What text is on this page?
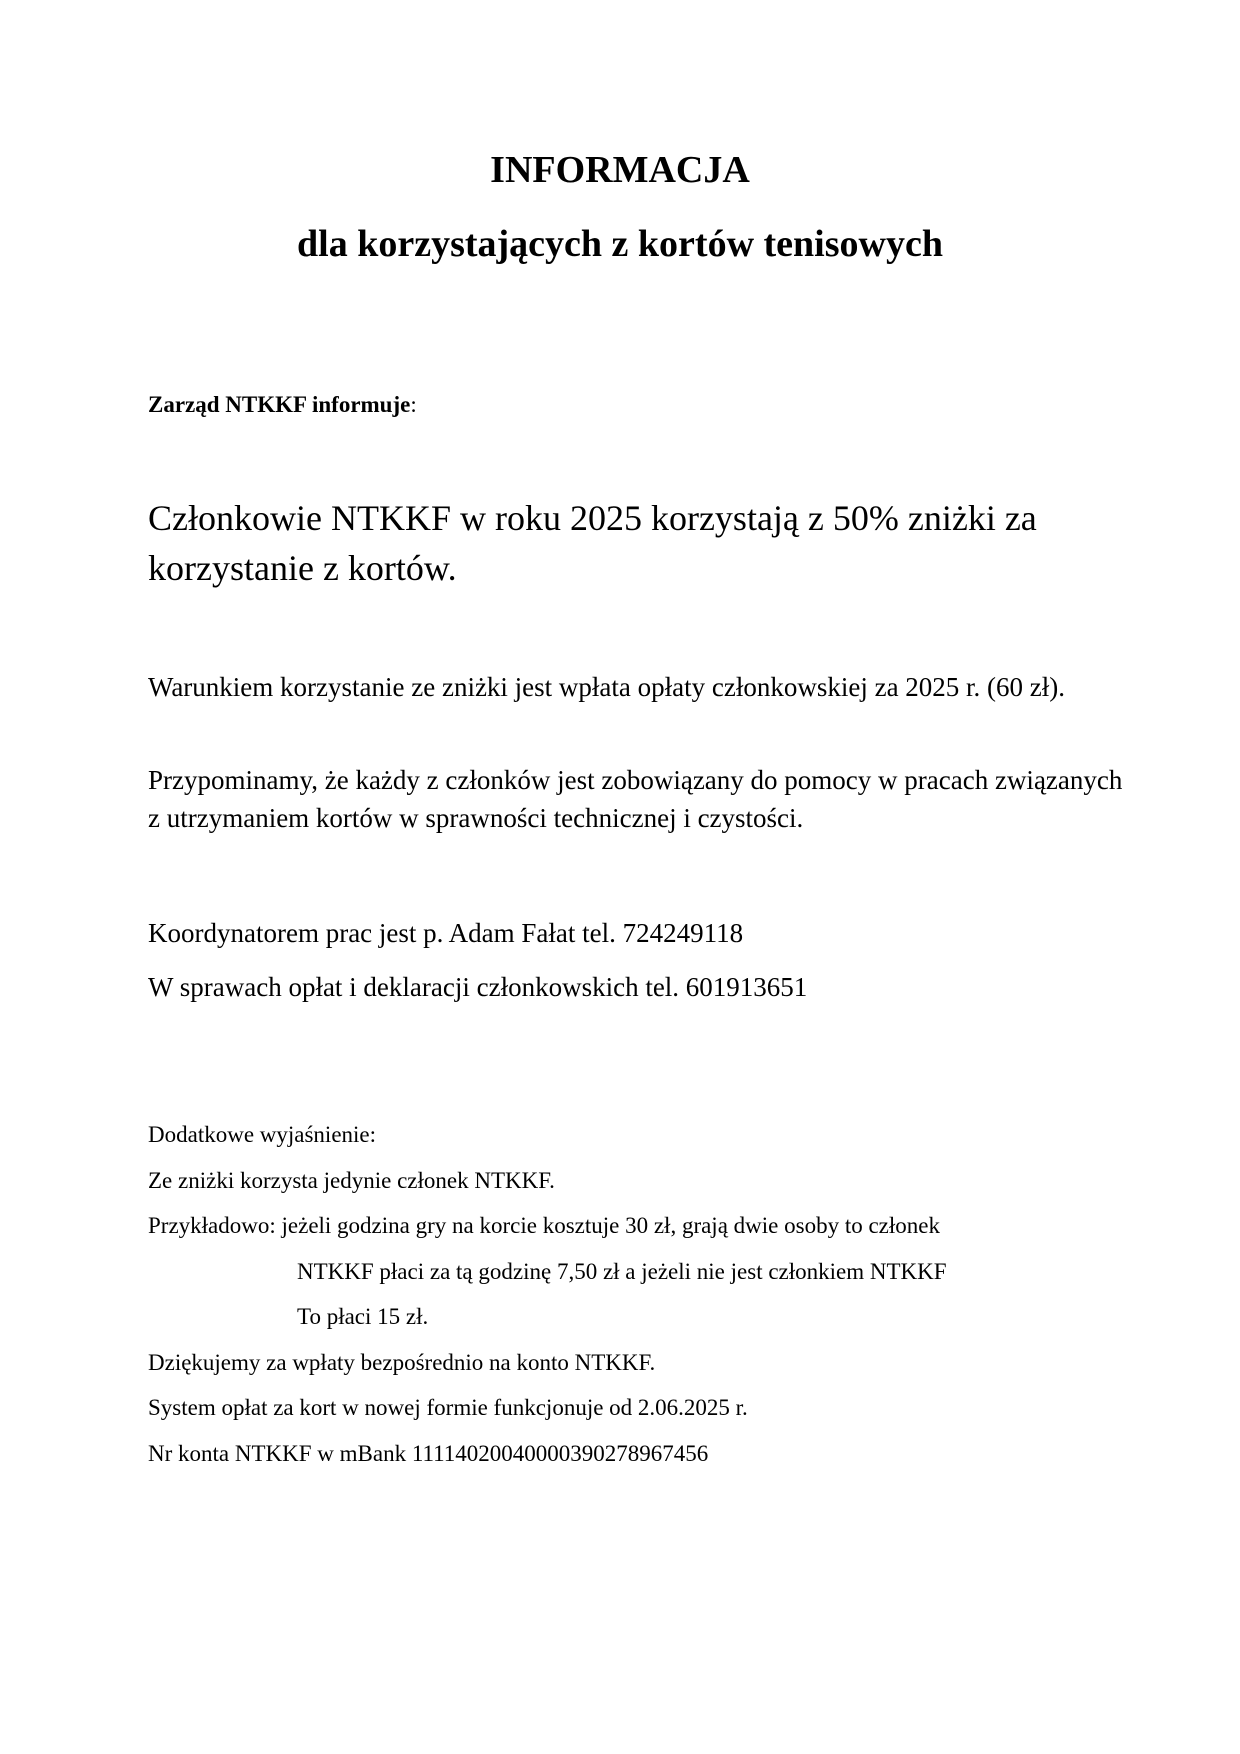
INFORMACJA
dla korzystających z kortów tenisowych
Zarząd NTKKF informuje:
Członkowie NTKKF w roku 2025 korzystają z 50% zniżki za korzystanie z kortów.
Warunkiem korzystanie ze zniżki jest wpłata opłaty członkowskiej za 2025 r. (60 zł).
Przypominamy, że każdy z członków jest zobowiązany do pomocy w pracach związanych z utrzymaniem kortów w sprawności technicznej i czystości.
Koordynatorem prac jest p. Adam Fałat tel. 724249118
W sprawach opłat i deklaracji członkowskich tel. 601913651
Dodatkowe wyjaśnienie:
Ze zniżki korzysta jedynie członek NTKKF.
Przykładowo: jeżeli godzina gry na korcie kosztuje 30 zł, grają dwie osoby to członek
NTKKF płaci za tą godzinę 7,50 zł a jeżeli nie jest członkiem NTKKF
To płaci 15 zł.
Dziękujemy za wpłaty bezpośrednio na konto NTKKF.
System opłat za kort w nowej formie funkcjonuje od 2.06.2025 r.
Nr konta NTKKF w mBank 11114020040000390278967456
